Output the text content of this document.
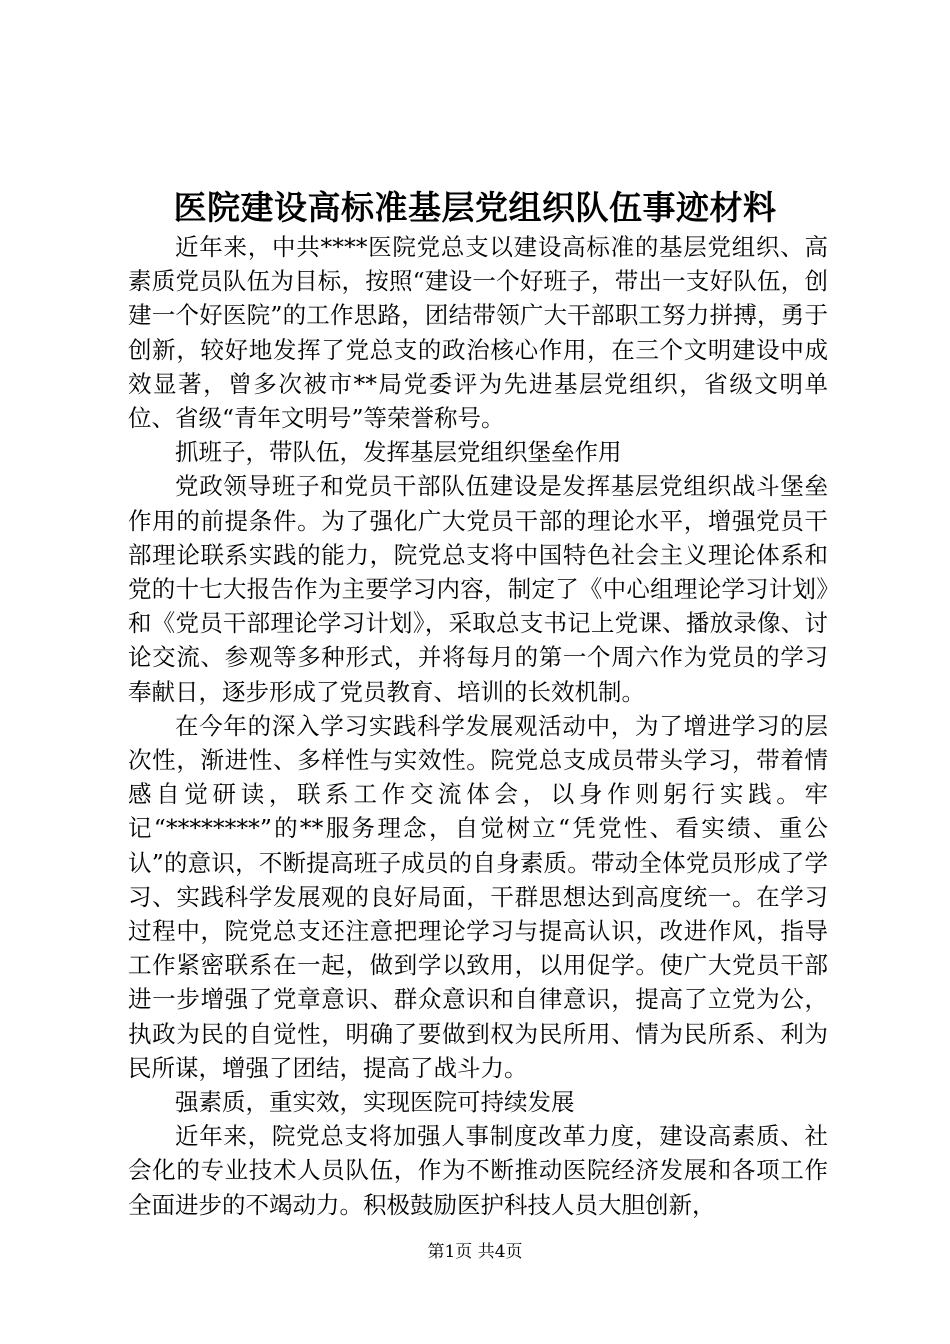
医院建设高标准基层党组织队伍事迹材料

近年来，中共****医院党总支以建设高标准的基层党组织、高素质党员队伍为目标，按照“建设一个好班子，带出一支好队伍，创建一个好医院”的工作思路，团结带领广大干部职工努力拼搏，勇于创新，较好地发挥了党总支的政治核心作用，在三个文明建设中成效显著，曾多次被市**局党委评为先进基层党组织，省级文明单位、省级“青年文明号”等荣誉称号。

抓班子，带队伍，发挥基层党组织堡垒作用

党政领导班子和党员干部队伍建设是发挥基层党组织战斗堡垒作用的前提条件。为了强化广大党员干部的理论水平，增强党员干部理论联系实践的能力，院党总支将中国特色社会主义理论体系和党的十七大报告作为主要学习内容，制定了《中心组理论学习计划》和《党员干部理论学习计划》，采取总支书记上党课、播放录像、讨论交流、参观等多种形式，并将每月的第一个周六作为党员的学习奉献日，逐步形成了党员教育、培训的长效机制。

在今年的深入学习实践科学发展观活动中，为了增进学习的层次性，渐进性、多样性与实效性。院党总支成员带头学习，带着情感自觉研读，联系工作交流体会，以身作则躬行实践。牢记“********”的**服务理念，自觉树立“凭党性、看实绩、重公认”的意识，不断提高班子成员的自身素质。带动全体党员形成了学习、实践科学发展观的良好局面，干群思想达到高度统一。在学习过程中，院党总支还注意把理论学习与提高认识，改进作风，指导工作紧密联系在一起，做到学以致用，以用促学。使广大党员干部进一步增强了党章意识、群众意识和自律意识，提高了立党为公，执政为民的自觉性，明确了要做到权为民所用、情为民所系、利为民所谋，增强了团结，提高了战斗力。

强素质，重实效，实现医院可持续发展

近年来，院党总支将加强人事制度改革力度，建设高素质、社会化的专业技术人员队伍，作为不断推动医院经济发展和各项工作全面进步的不竭动力。积极鼓励医护科技人员大胆创新，

第1页 共4页
